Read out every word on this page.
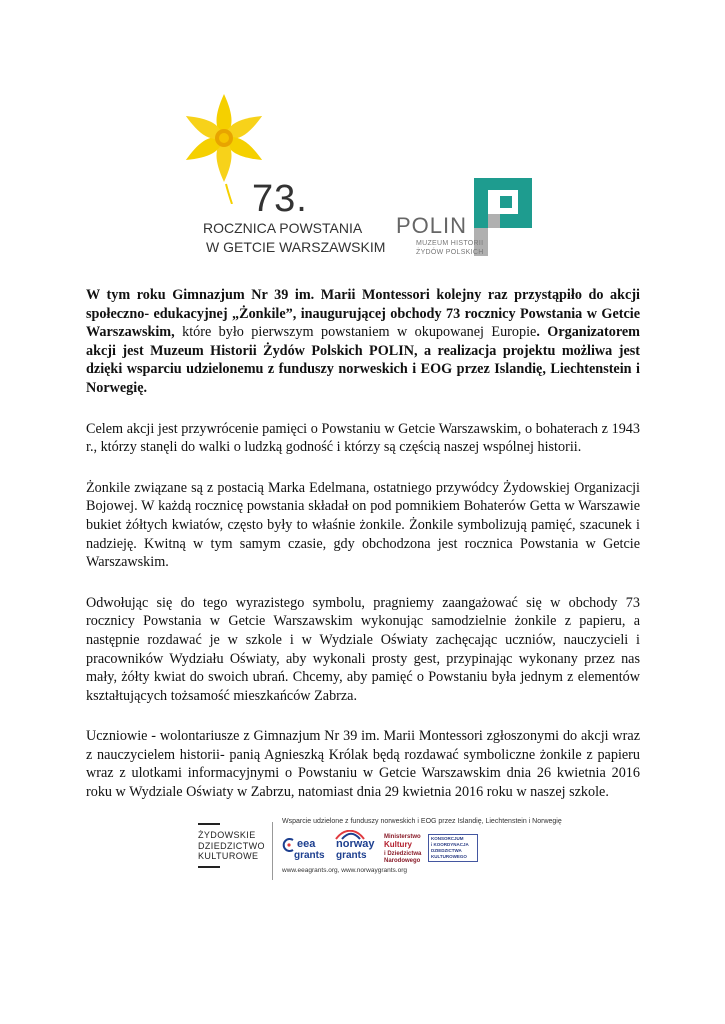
73.
ROCZNICA POWSTANIA
W GETCIE WARSZAWSKIM
POLIN
MUZEUM HISTORII
ŻYDÓW POLSKICH

W tym roku Gimnazjum Nr 39 im. Marii Montessori kolejny raz przystąpiło do akcji społeczno- edukacyjnej „Żonkile”, inaugurującej obchody 73 rocznicy Powstania w Getcie Warszawskim, które było pierwszym powstaniem w okupowanej Europie. Organizatorem akcji jest Muzeum Historii Żydów Polskich POLIN, a realizacja projektu możliwa jest dzięki wsparciu udzielonemu z funduszy norweskich i EOG przez Islandię, Liechtenstein i Norwegię.

Celem akcji jest przywrócenie pamięci o Powstaniu w Getcie Warszawskim, o bohaterach z 1943 r., którzy stanęli do walki o ludzką godność i którzy są częścią naszej wspólnej historii.

Żonkile związane są z postacią Marka Edelmana, ostatniego przywódcy Żydowskiej Organizacji Bojowej. W każdą rocznicę powstania składał on pod pomnikiem Bohaterów Getta w Warszawie bukiet żółtych kwiatów, często były to właśnie żonkile. Żonkile symbolizują pamięć, szacunek i nadzieję. Kwitną w tym samym czasie, gdy obchodzona jest rocznica Powstania w Getcie Warszawskim.

Odwołując się do tego wyrazistego symbolu, pragniemy zaangażować się w obchody 73 rocznicy Powstania w Getcie Warszawskim wykonując samodzielnie żonkile z papieru, a następnie rozdawać je w szkole i w Wydziale Oświaty zachęcając uczniów, nauczycieli i pracowników Wydziału Oświaty, aby wykonali prosty gest, przypinając wykonany przez nas mały, żółty kwiat do swoich ubrań. Chcemy, aby pamięć o Powstaniu była jednym z elementów kształtujących tożsamość mieszkańców Zabrza.

Uczniowie - wolontariusze z Gimnazjum Nr 39 im. Marii Montessori zgłoszonymi do akcji wraz z nauczycielem historii- panią Agnieszką Królak będą rozdawać symboliczne żonkile z papieru wraz z ulotkami informacyjnymi o Powstaniu w Getcie Warszawskim dnia 26 kwietnia 2016 roku w Wydziale Oświaty w Zabrzu, natomiast dnia 29 kwietnia 2016 roku w naszej szkole.

ŻYDOWSKIE
DZIEDZICTWO
KULTUROWE
Wsparcie udzielone z funduszy norweskich i EOG przez Islandię, Liechtenstein i Norwegię
eea
grants
norway
grants
Ministerstwo
Kultury
i Dziedzictwa
Narodowego
KONSORCJUM
i KOORDYNACJA
DZIEDZICTWA
KULTUROWEGO
www.eeagrants.org, www.norwaygrants.org
